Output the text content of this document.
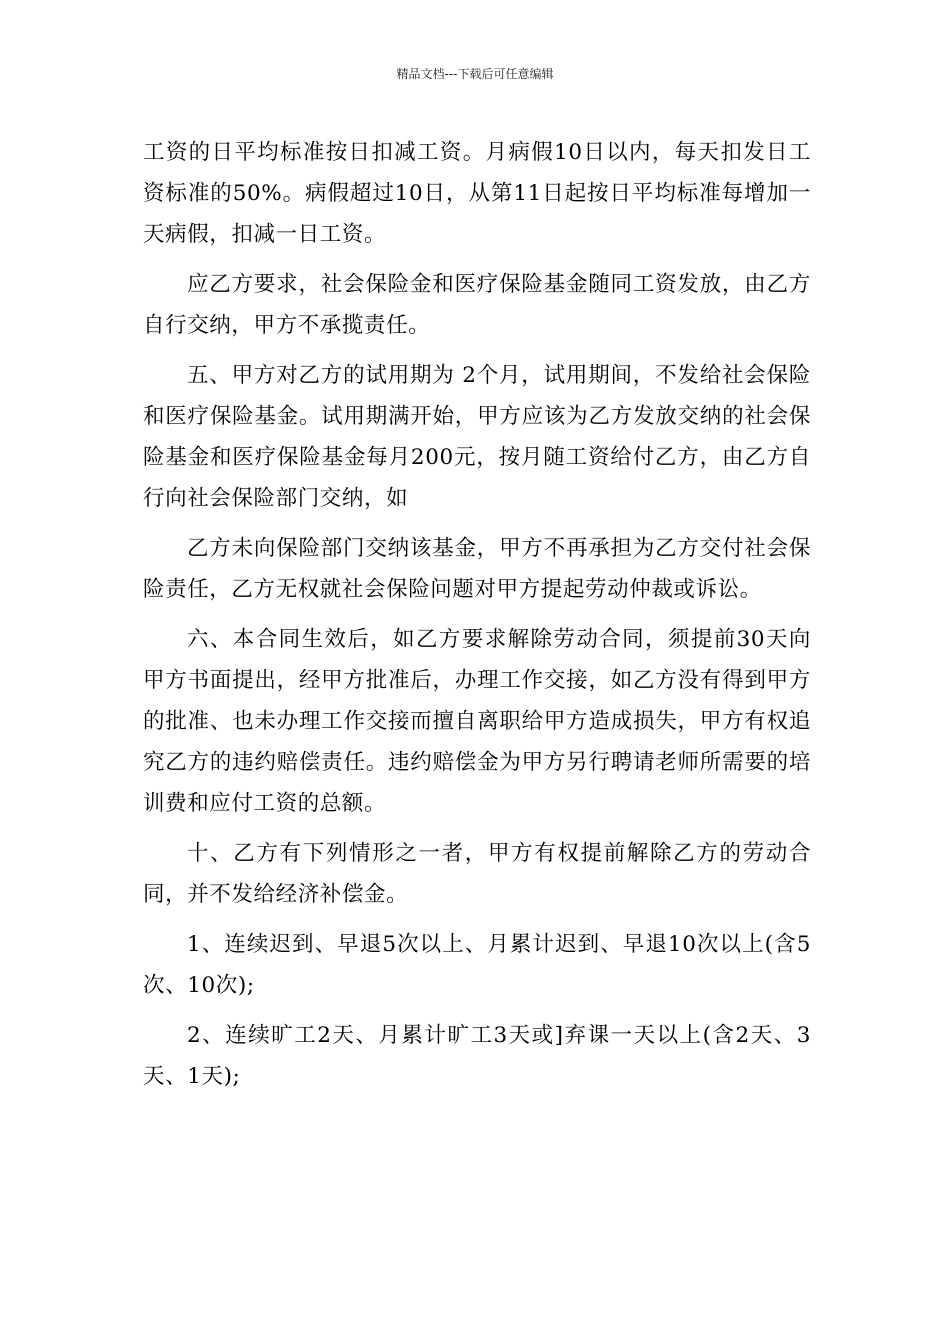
精品文档---下载后可任意编辑

工资的日平均标准按日扣减工资。月病假10日以内，每天扣发日工资标准的50%。病假超过10日，从第11日起按日平均标准每增加一天病假，扣减一日工资。

应乙方要求，社会保险金和医疗保险基金随同工资发放，由乙方自行交纳，甲方不承揽责任。

五、甲方对乙方的试用期为 2个月，试用期间，不发给社会保险和医疗保险基金。试用期满开始，甲方应该为乙方发放交纳的社会保险基金和医疗保险基金每月200元，按月随工资给付乙方，由乙方自行向社会保险部门交纳，如

乙方未向保险部门交纳该基金，甲方不再承担为乙方交付社会保险责任，乙方无权就社会保险问题对甲方提起劳动仲裁或诉讼。

六、本合同生效后，如乙方要求解除劳动合同，须提前30天向甲方书面提出，经甲方批准后，办理工作交接，如乙方没有得到甲方的批准、也未办理工作交接而擅自离职给甲方造成损失，甲方有权追究乙方的违约赔偿责任。违约赔偿金为甲方另行聘请老师所需要的培训费和应付工资的总额。

十、乙方有下列情形之一者，甲方有权提前解除乙方的劳动合同，并不发给经济补偿金。

1、连续迟到、早退5次以上、月累计迟到、早退10次以上(含5次、10次);

2、连续旷工2天、月累计旷工3天或]弃课一天以上(含2天、3天、1天);
